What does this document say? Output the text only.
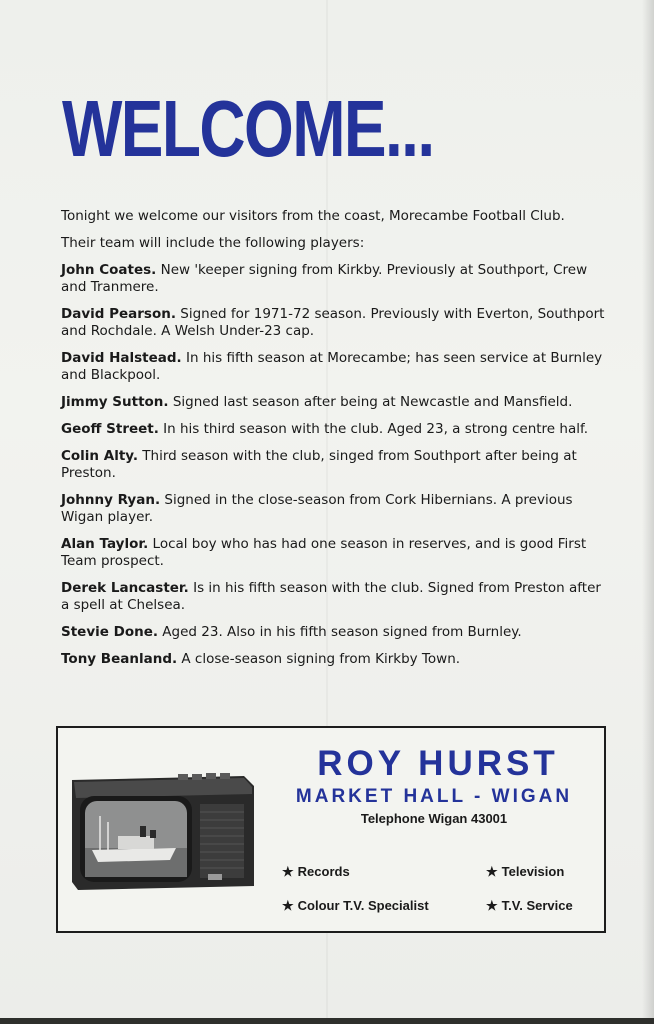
WELCOME...

Tonight we welcome our visitors from the coast, Morecambe Football Club.

Their team will include the following players:

John Coates. New 'keeper signing from Kirkby. Previously at Southport, Crew and Tranmere.

David Pearson. Signed for 1971-72 season. Previously with Everton, Southport and Rochdale. A Welsh Under-23 cap.

David Halstead. In his fifth season at Morecambe; has seen service at Burnley and Blackpool.

Jimmy Sutton. Signed last season after being at Newcastle and Mansfield.

Geoff Street. In his third season with the club. Aged 23, a strong centre half.

Colin Alty. Third season with the club, singed from Southport after being at Preston.

Johnny Ryan. Signed in the close-season from Cork Hibernians. A previous Wigan player.

Alan Taylor. Local boy who has had one season in reserves, and is good First Team prospect.

Derek Lancaster. Is in his fifth season with the club. Signed from Preston after a spell at Chelsea.

Stevie Done. Aged 23. Also in his fifth season signed from Burnley.

Tony Beanland. A close-season signing from Kirkby Town.

ROY HURST
MARKET HALL - WIGAN
Telephone Wigan 43001
★ Records	★ Television
★ Colour T.V. Specialist	★ T.V. Service
